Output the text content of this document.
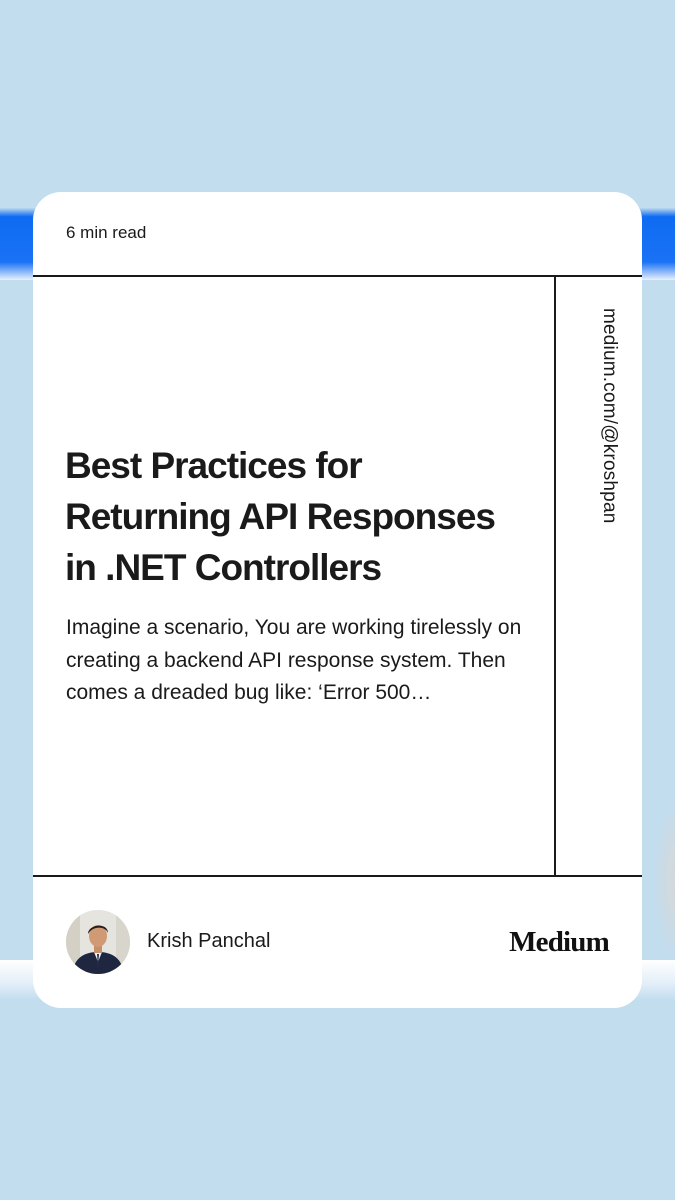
6 min read
medium.com/@kroshpan
Best Practices for Returning API Responses in .NET Controllers

Imagine a scenario, You are working tirelessly on creating a backend API response system. Then comes a dreaded bug like: ‘Error 500…

Krish Panchal	Medium
